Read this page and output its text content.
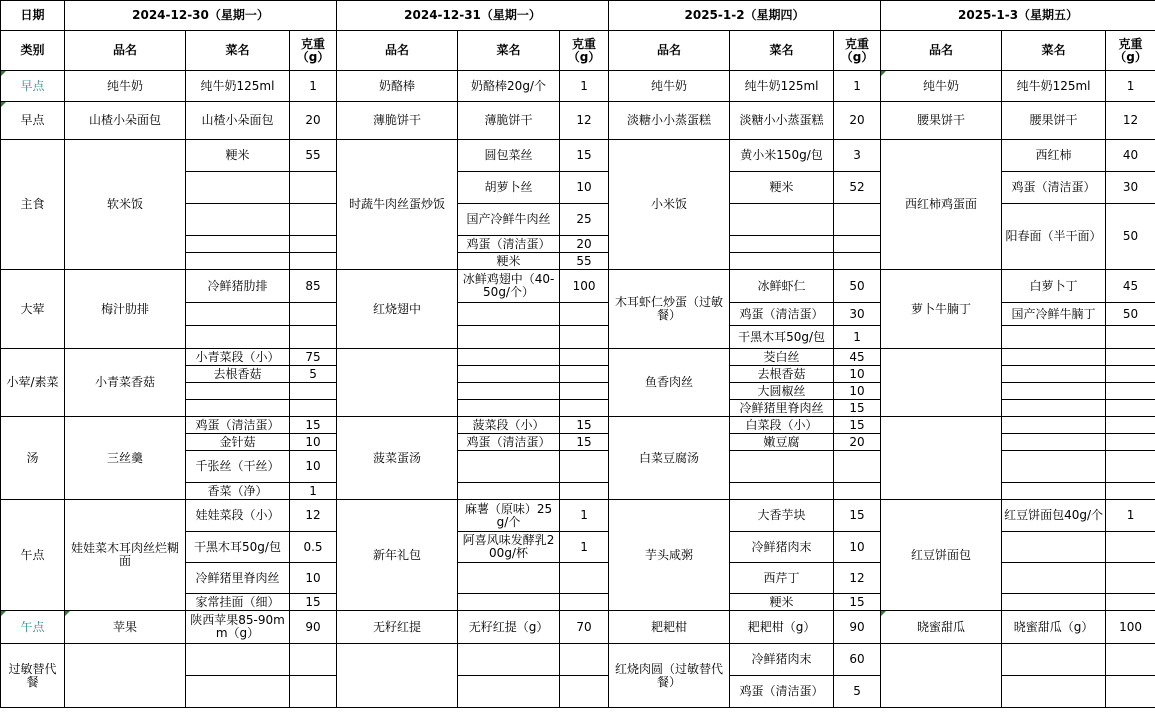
日期	2024-12-30（星期一）			2024-12-31（星期一）			2025-1-2（星期四）			2025-1-3（星期五）		
类别	品名	菜名	克重（g）	品名	菜名	克重（g）	品名	菜名	克重（g）	品名	菜名	克重（g）
早点	纯牛奶	纯牛奶125ml	1	奶酪棒	奶酪棒20g/个	1	纯牛奶	纯牛奶125ml	1	纯牛奶	纯牛奶125ml	1
早点	山楂小朵面包	山楂小朵面包	20	薄脆饼干	薄脆饼干	12	淡糖小小蒸蛋糕	淡糖小小蒸蛋糕	20	腰果饼干	腰果饼干	12
主食	软米饭	粳米	55	时蔬牛肉丝蛋炒饭	圆包菜丝	15	小米饭	黄小米150g/包	3	西红柿鸡蛋面	西红柿	40
					胡萝卜丝	10		粳米	52		鸡蛋（清洁蛋）	30
					国产冷鲜牛肉丝	25					阳春面（半干面）	50
					鸡蛋（清洁蛋）	20						
					粳米	55						
大荤	梅汁肋排	冷鲜猪肋排	85	红烧翅中	冰鲜鸡翅中（40-50g/个）	100	木耳虾仁炒蛋（过敏餐）	冰鲜虾仁	50	萝卜牛腩丁	白萝卜丁	45
								鸡蛋（清洁蛋）	30		国产冷鲜牛腩丁	50
								干黑木耳50g/包	1			
小荤/素菜	小青菜香菇	小青菜段（小）	75				鱼香肉丝	茭白丝	45			
		去根香菇	5					去根香菇	10			
								大圆椒丝	10			
								冷鲜猪里脊肉丝	15			
汤	三丝羹	鸡蛋（清洁蛋）	15	菠菜蛋汤	菠菜段（小）	15	白菜豆腐汤	白菜段（小）	15			
		金针菇	10		鸡蛋（清洁蛋）	15		嫩豆腐	20			
		千张丝（干丝）	10									
		香菜（净）	1									
午点	娃娃菜木耳肉丝烂糊面	娃娃菜段（小）	12	新年礼包	麻薯（原味）25g/个	1	芋头咸粥	大香芋块	15	红豆饼面包	红豆饼面包40g/个	1
		干黑木耳50g/包	0.5		阿喜风味发酵乳200g/杯	1		冷鲜猪肉末	10			
		冷鲜猪里脊肉丝	10					西芹丁	12			
		家常挂面（细）	15					粳米	15			
午点	苹果	陕西苹果85-90mm（g）	90	无籽红提	无籽红提（g）	70	耙耙柑	耙耙柑（g）	90	晓蜜甜瓜	晓蜜甜瓜（g）	100
过敏替代餐							红烧肉圆（过敏替代餐）	冷鲜猪肉末	60			
								鸡蛋（清洁蛋）	5			
